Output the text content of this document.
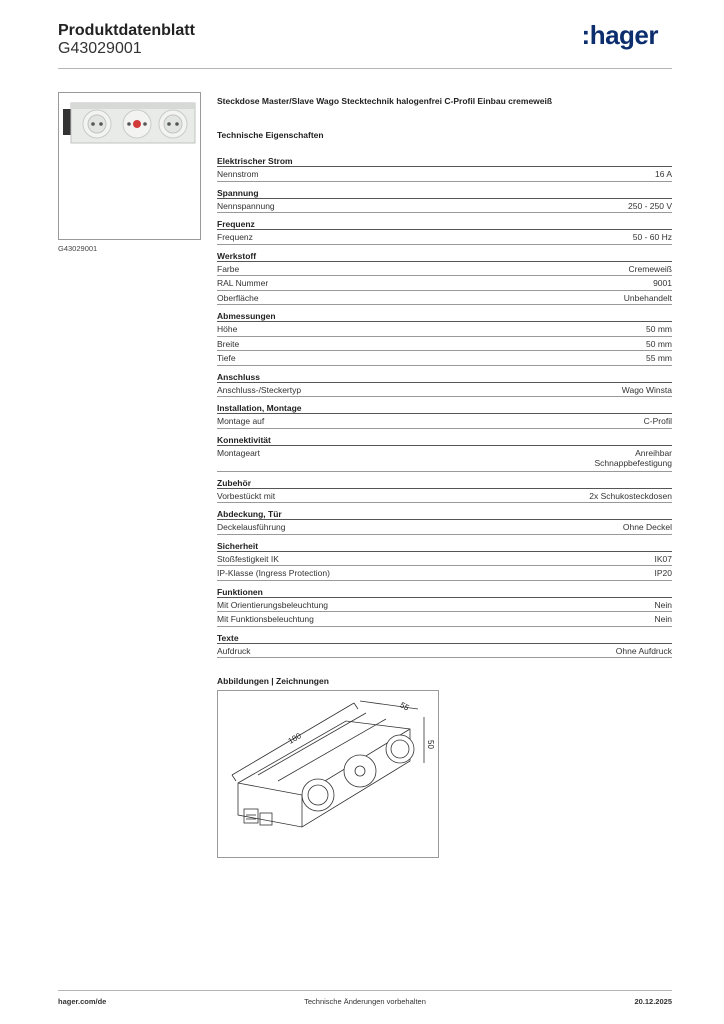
Produktdatenblatt
G43029001	:hager
G43029001
Steckdose Master/Slave Wago Stecktechnik halogenfrei C-Profil Einbau cremeweiß
Technische Eigenschaften
Elektrischer Strom
Nennstrom	16 A
Spannung
Nennspannung	250 - 250 V
Frequenz
Frequenz	50 - 60 Hz
Werkstoff
Farbe	Cremeweiß
RAL Nummer	9001
Oberfläche	Unbehandelt
Abmessungen
Höhe	50 mm
Breite	50 mm
Tiefe	55 mm
Anschluss
Anschluss-/Steckertyp	Wago Winsta
Installation, Montage
Montage auf	C-Profil
Konnektivität
Montageart	Anreihbar
Schnappbefestigung
Zubehör
Vorbestückt mit	2x Schukosteckdosen
Abdeckung, Tür
Deckelausführung	Ohne Deckel
Sicherheit
Stoßfestigkeit IK	IK07
IP-Klasse (Ingress Protection)	IP20
Funktionen
Mit Orientierungsbeleuchtung	Nein
Mit Funktionsbeleuchtung	Nein
Texte
Aufdruck	Ohne Aufdruck
Abbildungen | Zeichnungen
180
55
50
hager.com/de	Technische Änderungen vorbehalten	20.12.2025
